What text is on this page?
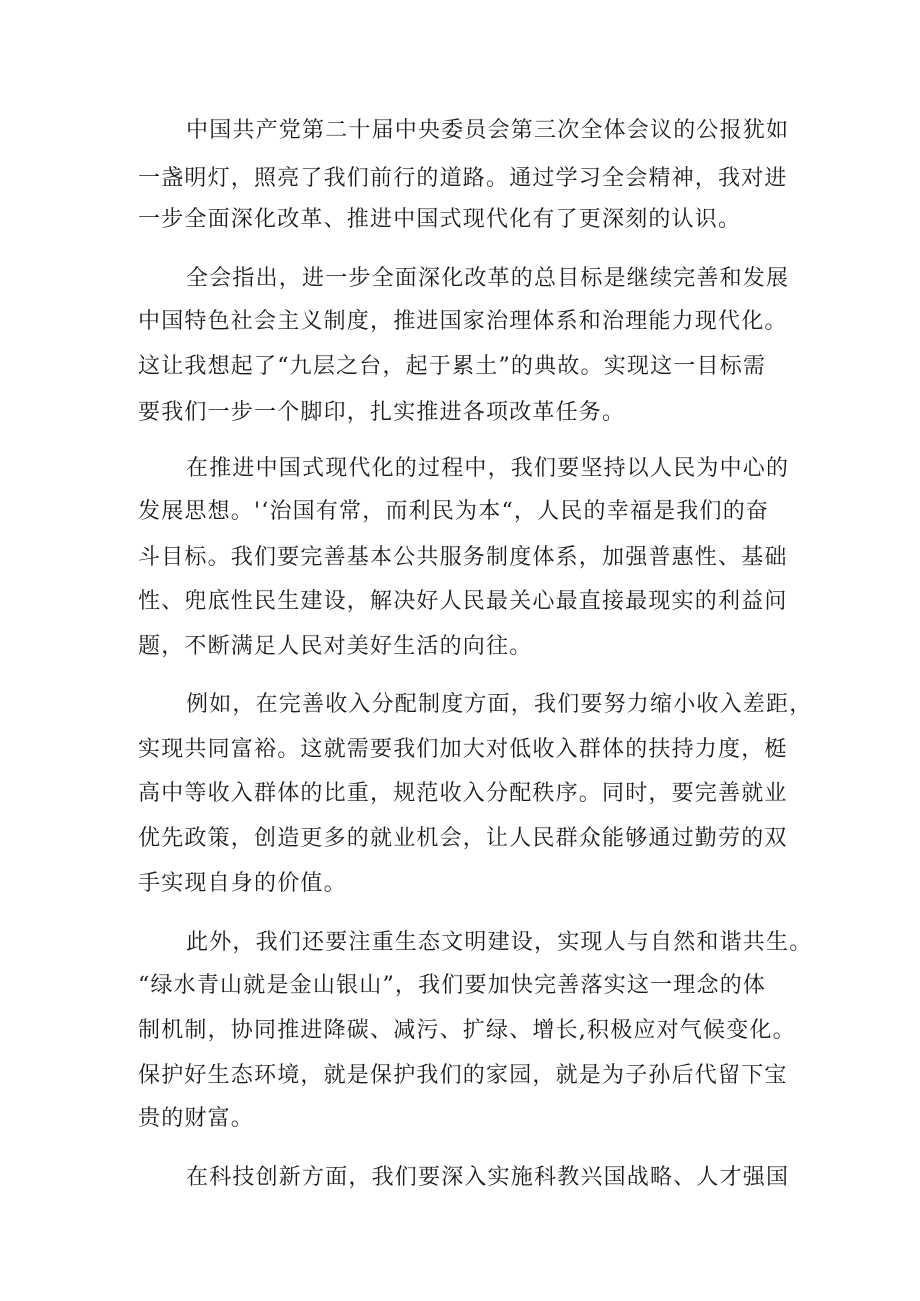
中国共产党第二十届中央委员会第三次全体会议的公报犹如
一盏明灯，照亮了我们前行的道路。通过学习全会精神，我对进
一步全面深化改革、推进中国式现代化有了更深刻的认识。
全会指出，进一步全面深化改革的总目标是继续完善和发展
中国特色社会主义制度，推进国家治理体系和治理能力现代化。
这让我想起了“九层之台，起于累土”的典故。实现这一目标需
要我们一步一个脚印，扎实推进各项改革任务。
在推进中国式现代化的过程中，我们要坚持以人民为中心的
发展思想。'‘治国有常，而利民为本“，人民的幸福是我们的奋
斗目标。我们要完善基本公共服务制度体系，加强普惠性、基础
性、兜底性民生建设，解决好人民最关心最直接最现实的利益问
题，不断满足人民对美好生活的向往。
例如，在完善收入分配制度方面，我们要努力缩小收入差距，
实现共同富裕。这就需要我们加大对低收入群体的扶持力度，梃
高中等收入群体的比重，规范收入分配秩序。同时，要完善就业
优先政策，创造更多的就业机会，让人民群众能够通过勤劳的双
手实现自身的价值。
此外，我们还要注重生态文明建设，实现人与自然和谐共生。
“绿水青山就是金山银山”，我们要加快完善落实这一理念的体
制机制，协同推进降碳、减污、扩绿、增长,积极应对气候变化。
保护好生态环境，就是保护我们的家园，就是为子孙后代留下宝
贵的财富。
在科技创新方面，我们要深入实施科教兴国战略、人才强国
